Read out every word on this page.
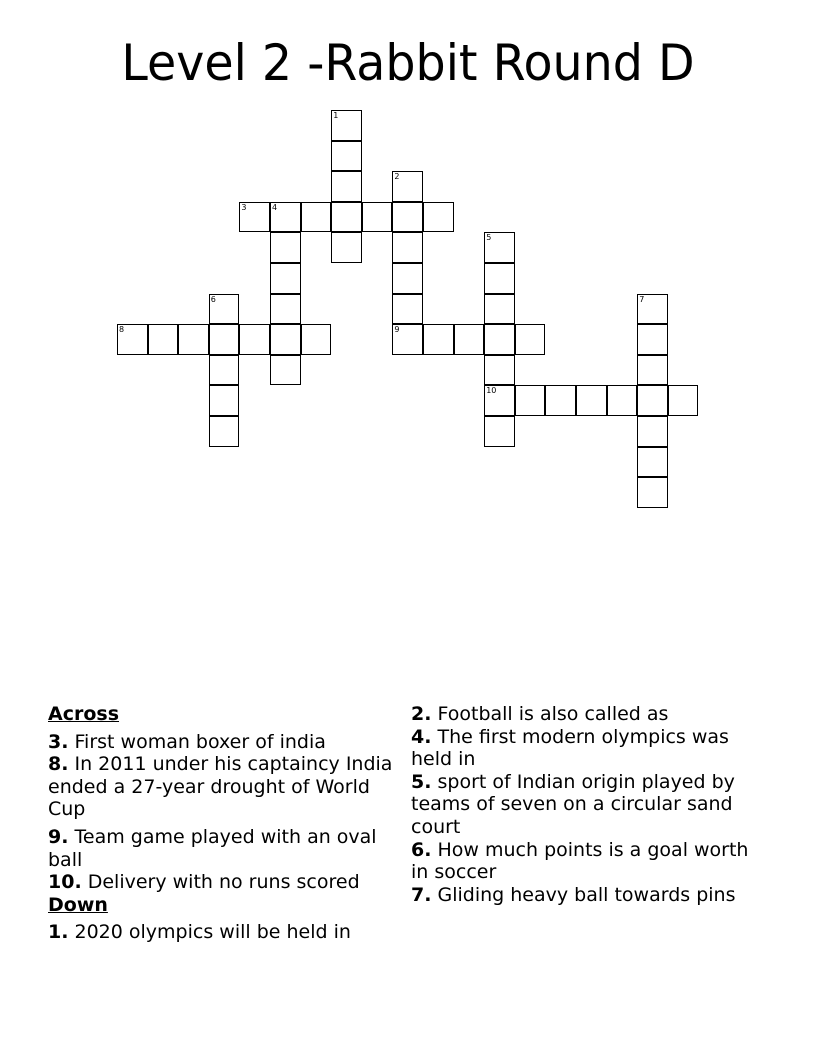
Level 2 -Rabbit Round D
1
2
9
3	4
5
10
6	7
8
Across

3. First woman boxer of india

8. In 2011 under his captaincy India ended a 27-year drought of World Cup

9. Team game played with an oval ball

10. Delivery with no runs scored

Down

1. 2020 olympics will be held in

2. Football is also called as

4. The first modern olympics was held in

5. sport of Indian origin played by teams of seven on a circular sand court

6. How much points is a goal worth in soccer

7. Gliding heavy ball towards pins
